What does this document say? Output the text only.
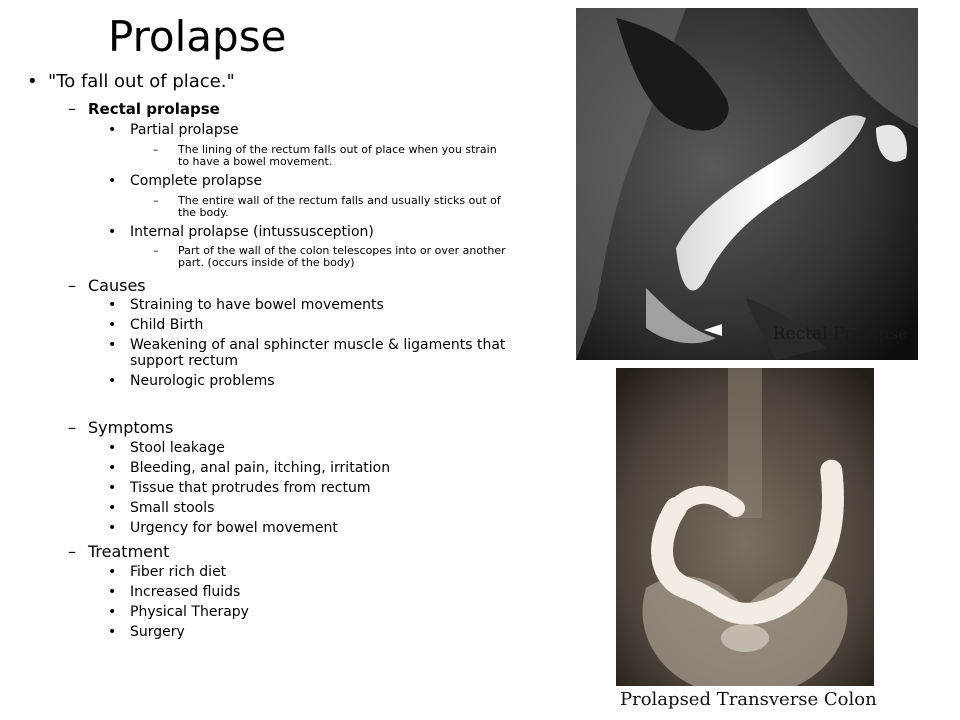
Prolapse
• "To fall out of place."
– Rectal prolapse
• Partial prolapse
– The lining of the rectum falls out of place when you strain
to have a bowel movement.
• Complete prolapse
– The entire wall of the rectum falls and usually sticks out of
the body.
• Internal prolapse (intussusception)
– Part of the wall of the colon telescopes into or over another
part. (occurs inside of the body)
– Causes
• Straining to have bowel movements
• Child Birth
• Weakening of anal sphincter muscle & ligaments that
support rectum
• Neurologic problems
– Symptoms
• Stool leakage
• Bleeding, anal pain, itching, irritation
• Tissue that protrudes from rectum
• Small stools
• Urgency for bowel movement
– Treatment
• Fiber rich diet
• Increased fluids
• Physical Therapy
• Surgery
Rectal Prolapse
Prolapsed Transverse Colon
